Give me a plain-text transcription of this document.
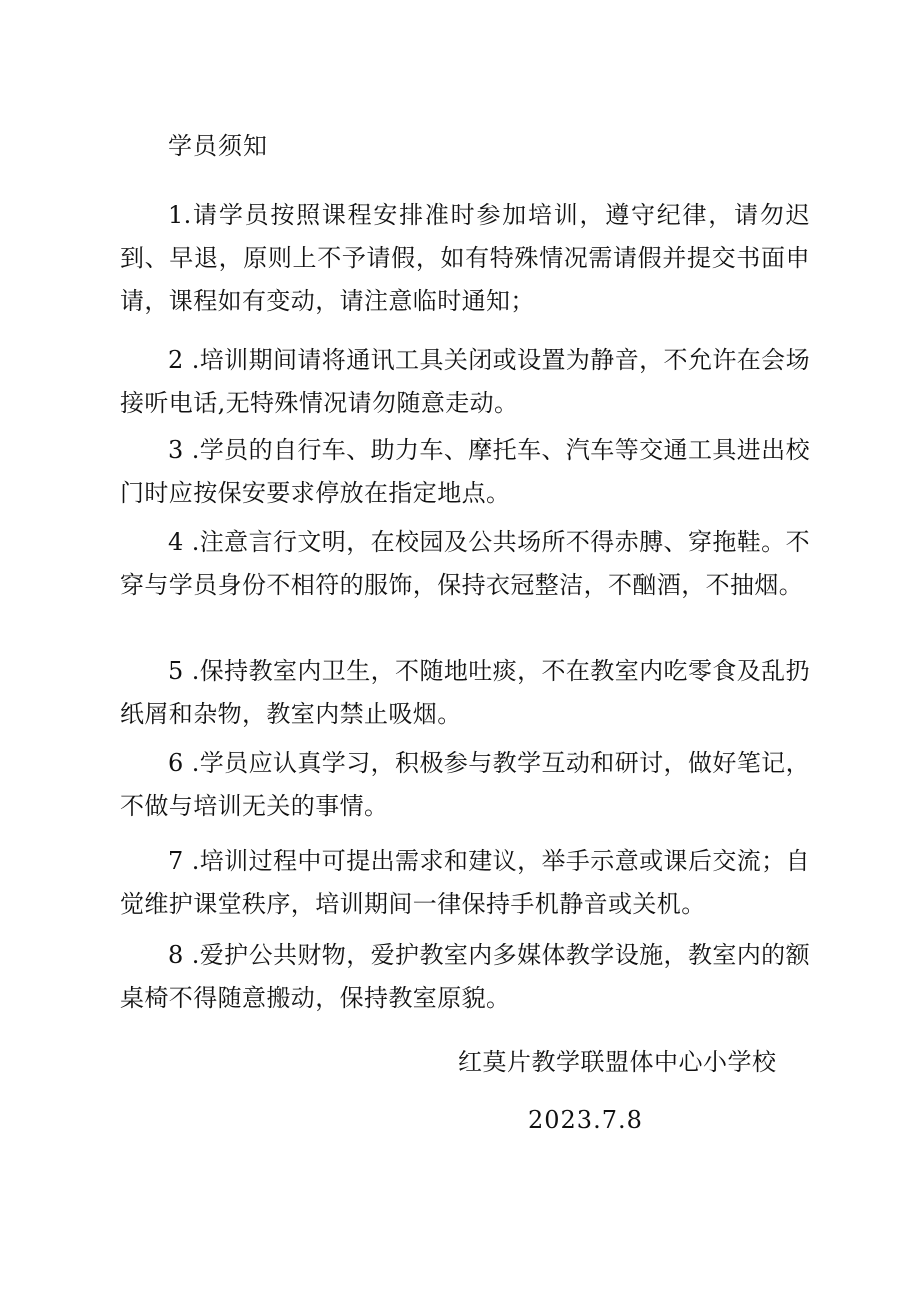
学员须知

1.请学员按照课程安排准时参加培训，遵守纪律，请勿迟到、早退，原则上不予请假，如有特殊情况需请假并提交书面申请，课程如有变动，请注意临时通知；

2 .培训期间请将通讯工具关闭或设置为静音，不允许在会场接听电话,无特殊情况请勿随意走动。

3 .学员的自行车、助力车、摩托车、汽车等交通工具进出校门时应按保安要求停放在指定地点。

4 .注意言行文明，在校园及公共场所不得赤膊、穿拖鞋。不穿与学员身份不相符的服饰，保持衣冠整洁，不酗酒，不抽烟。

5 .保持教室内卫生，不随地吐痰，不在教室内吃零食及乱扔纸屑和杂物，教室内禁止吸烟。

6 .学员应认真学习，积极参与教学互动和研讨，做好笔记，不做与培训无关的事情。

7 .培训过程中可提出需求和建议，举手示意或课后交流；自觉维护课堂秩序，培训期间一律保持手机静音或关机。

8 .爱护公共财物，爱护教室内多媒体教学设施，教室内的额桌椅不得随意搬动，保持教室原貌。

红莫片教学联盟体中心小学校
2023.7.8
